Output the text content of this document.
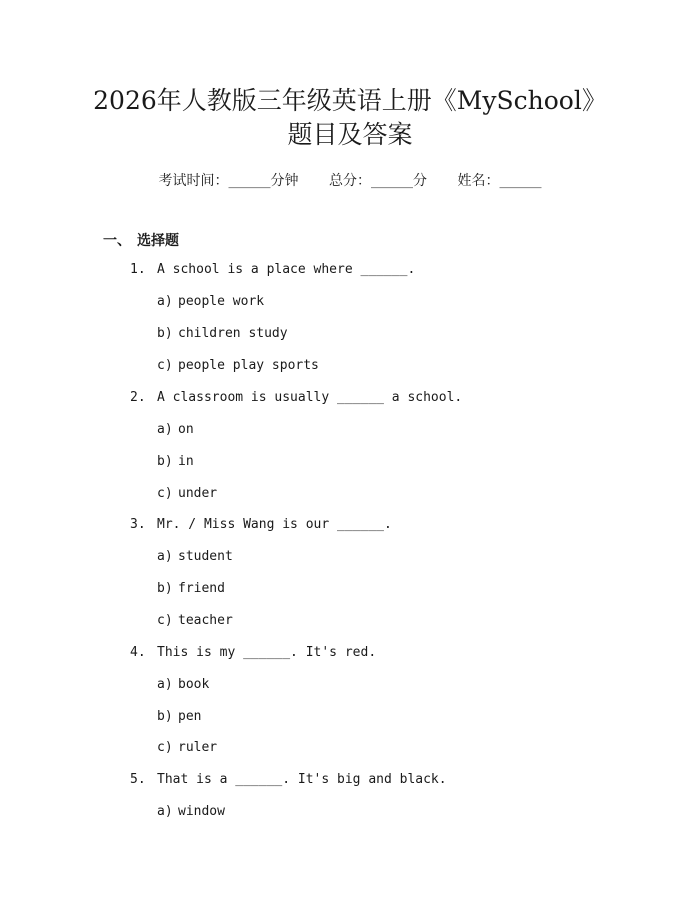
2026年人教版三年级英语上册《MySchool》
题目及答案
考试时间：______分钟 总分：______分 姓名：______
一、 选择题
1. A school is a place where ______.
a) people work
b) children study
c) people play sports
2. A classroom is usually ______ a school.
a) on
b) in
c) under
3. Mr. / Miss Wang is our ______.
a) student
b) friend
c) teacher
4. This is my ______. It's red.
a) book
b) pen
c) ruler
5. That is a ______. It's big and black.
a) window
